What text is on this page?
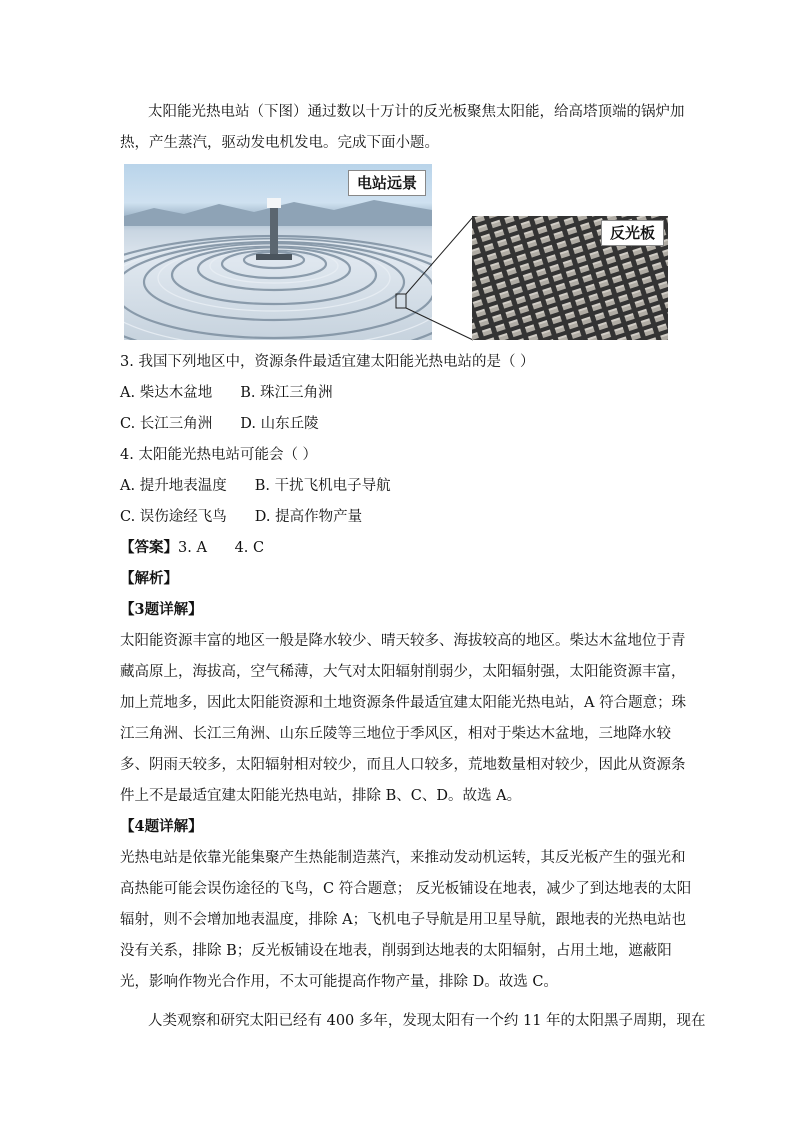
太阳能光热电站（下图）通过数以十万计的反光板聚焦太阳能，给高塔顶端的锅炉加
热，产生蒸汽，驱动发电机发电。完成下面小题。
电站远景
反光板
3. 我国下列地区中，资源条件最适宜建太阳能光热电站的是（ ）
A. 柴达木盆地 B. 珠江三角洲
C. 长江三角洲 D. 山东丘陵
4. 太阳能光热电站可能会（ ）
A. 提升地表温度 B. 干扰飞机电子导航
C. 误伤途经飞鸟 D. 提高作物产量
【答案】3. A      4. C
【解析】
【3题详解】
太阳能资源丰富的地区一般是降水较少、晴天较多、海拔较高的地区。柴达木盆地位于青
藏高原上，海拔高，空气稀薄，大气对太阳辐射削弱少，太阳辐射强，太阳能资源丰富，
加上荒地多，因此太阳能资源和土地资源条件最适宜建太阳能光热电站，A 符合题意；珠
江三角洲、长江三角洲、山东丘陵等三地位于季风区，相对于柴达木盆地，三地降水较
多、阴雨天较多，太阳辐射相对较少，而且人口较多，荒地数量相对较少，因此从资源条
件上不是最适宜建太阳能光热电站，排除 B、C、D。故选 A。
【4题详解】
光热电站是依靠光能集聚产生热能制造蒸汽，来推动发动机运转，其反光板产生的强光和
高热能可能会误伤途径的飞鸟，C 符合题意； 反光板铺设在地表，减少了到达地表的太阳
辐射，则不会增加地表温度，排除 A；飞机电子导航是用卫星导航，跟地表的光热电站也
没有关系，排除 B；反光板铺设在地表，削弱到达地表的太阳辐射，占用土地，遮蔽阳
光，影响作物光合作用，不太可能提高作物产量，排除 D。故选 C。
人类观察和研究太阳已经有 400 多年，发现太阳有一个约 11 年的太阳黑子周期，现在
